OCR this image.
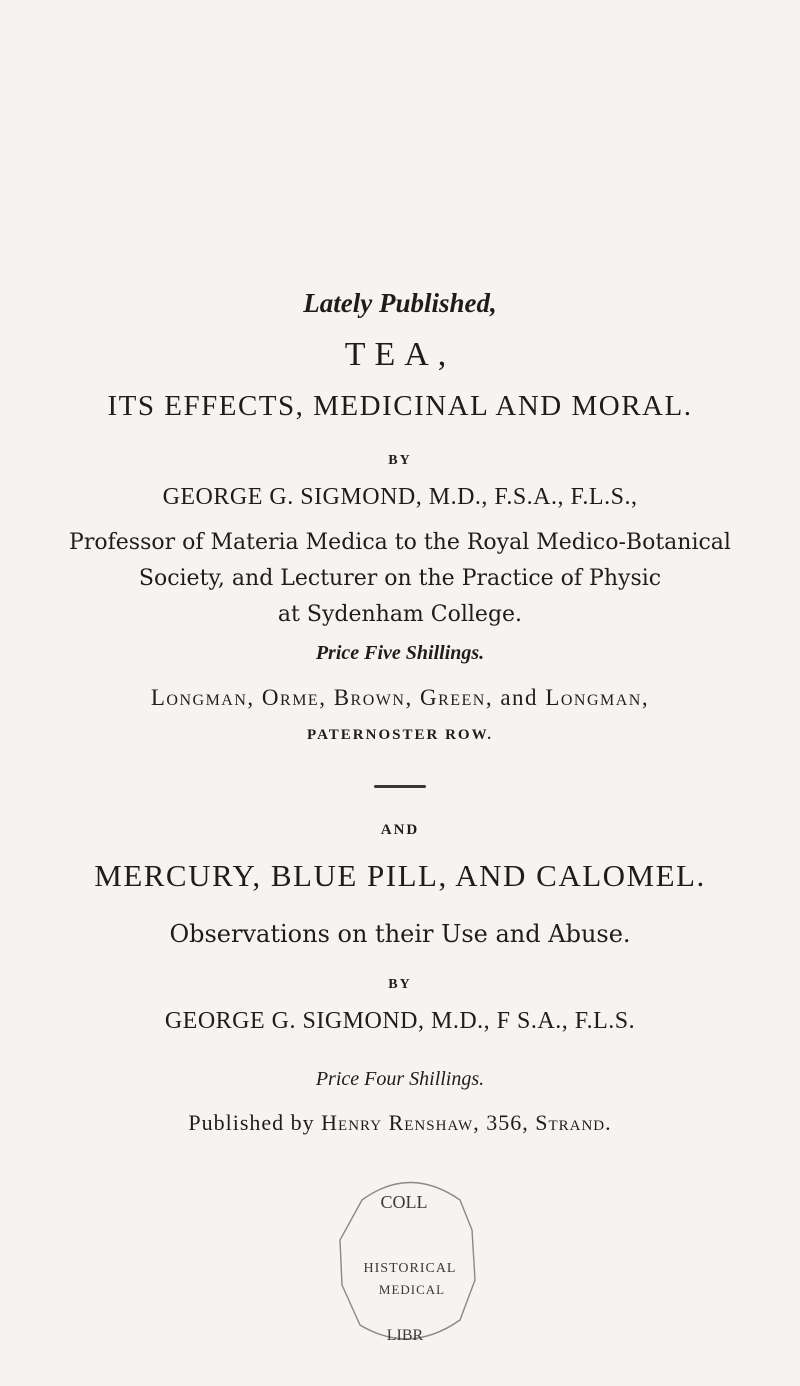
Lately Published,
TEA,
ITS EFFECTS, MEDICINAL AND MORAL.
BY
GEORGE G. SIGMOND, M.D., F.S.A., F.L.S.,
Professor of Materia Medica to the Royal Medico-Botanical
Society, and Lecturer on the Practice of Physic
at Sydenham College.
Price Five Shillings.
Longman, Orme, Brown, Green, and Longman,
PATERNOSTER ROW.
AND
MERCURY, BLUE PILL, AND CALOMEL.
Observations on their Use and Abuse.
BY
GEORGE G. SIGMOND, M.D., F S.A., F.L.S.
Price Four Shillings.
Published by Henry Renshaw, 356, Strand.
COLL
HISTORICAL
MEDICAL
LIBR
